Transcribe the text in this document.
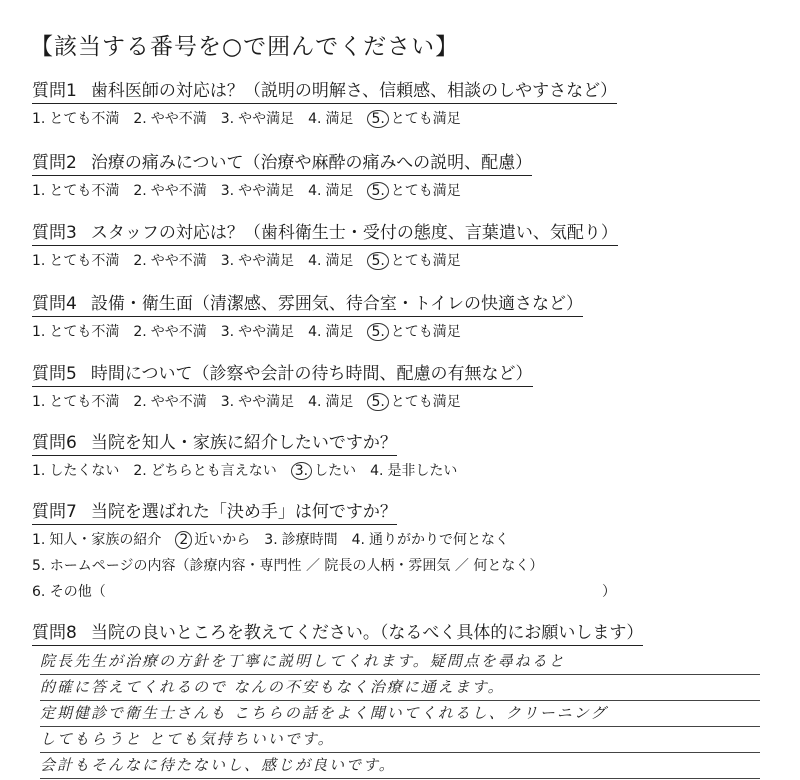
【該当する番号を○で囲んでください】
質問1 歯科医師の対応は？（説明の明解さ、信頼感、相談のしやすさなど）
1. とても不満 2. やや不満 3. やや満足 4. 満足 5. とても満足
質問2 治療の痛みについて（治療や麻酔の痛みへの説明、配慮）
1. とても不満 2. やや不満 3. やや満足 4. 満足 5. とても満足
質問3 スタッフの対応は？（歯科衛生士・受付の態度、言葉遣い、気配り）
1. とても不満 2. やや不満 3. やや満足 4. 満足 5. とても満足
質問4 設備・衛生面（清潔感、雰囲気、待合室・トイレの快適さなど）
1. とても不満 2. やや不満 3. やや満足 4. 満足 5. とても満足
質問5 時間について（診察や会計の待ち時間、配慮の有無など）
1. とても不満 2. やや不満 3. やや満足 4. 満足 5. とても満足
質問6 当院を知人・家族に紹介したいですか？
1. したくない 2. どちらとも言えない 3. したい 4. 是非したい
質問7 当院を選ばれた「決め手」は何ですか？
1. 知人・家族の紹介 2 近いから 3. 診療時間 4. 通りがかりで何となく
5. ホームページの内容（診療内容・専門性 ／ 院長の人柄・雰囲気 ／ 何となく）
6. その他（	）
質問8 当院の良いところを教えてください。（なるべく具体的にお願いします）
院長先生が治療の方針を丁寧に説明してくれます。疑問点を尋ねると
的確に答えてくれるので なんの不安もなく治療に通えます。
定期健診で衛生士さんも こちらの話をよく聞いてくれるし、クリーニング
してもらうと とても気持ちいいです。
会計もそんなに待たないし、感じが良いです。
